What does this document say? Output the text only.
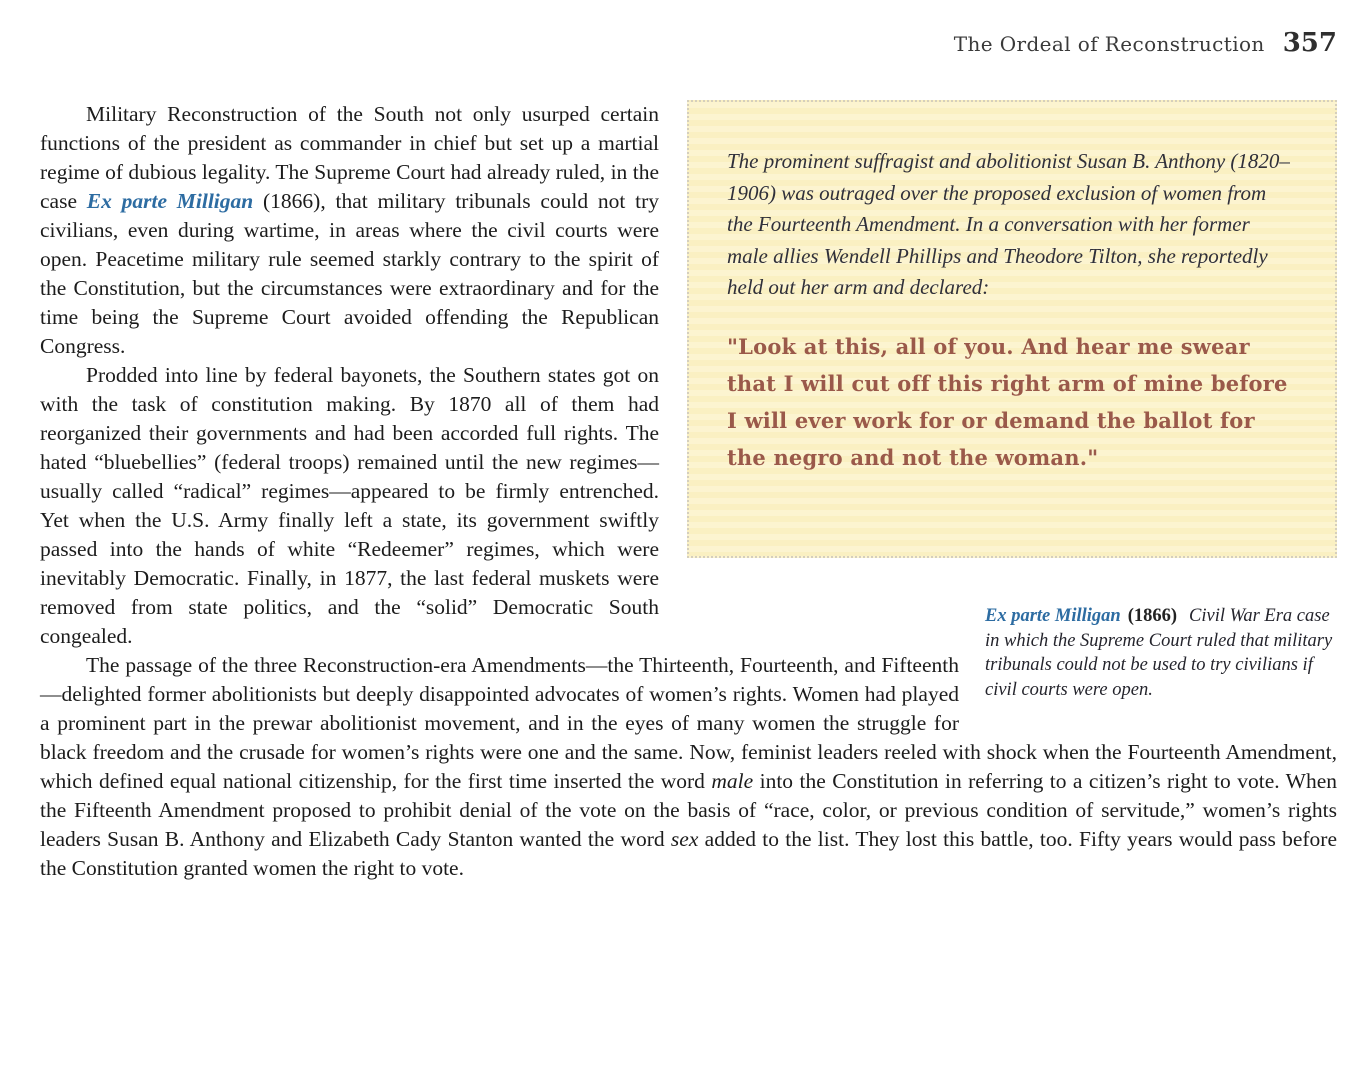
The Ordeal of Reconstruction 357

The prominent suffragist and abolitionist Susan B. Anthony (1820–1906) was outraged over the proposed exclusion of women from the Fourteenth Amendment. In a conversation with her former male allies Wendell Phillips and Theodore Tilton, she reportedly held out her arm and declared:

"Look at this, all of you. And hear me swear that I will cut off this right arm of mine before I will ever work for or demand the ballot for the negro and not the woman."

Ex parte Milligan (1866) Civil War Era case in which the Supreme Court ruled that military tribunals could not be used to try civilians if civil courts were open.

Military Reconstruction of the South not only usurped certain functions of the president as commander in chief but set up a martial regime of dubious legality. The Supreme Court had already ruled, in the case Ex parte Milligan (1866), that military tribunals could not try civilians, even during wartime, in areas where the civil courts were open. Peacetime military rule seemed starkly contrary to the spirit of the Constitution, but the circumstances were extraordinary and for the time being the Supreme Court avoided offending the Republican Congress.

Prodded into line by federal bayonets, the Southern states got on with the task of constitution making. By 1870 all of them had reorganized their governments and had been accorded full rights. The hated “bluebellies” (federal troops) remained until the new regimes—usually called “radical” regimes—appeared to be firmly entrenched. Yet when the U.S. Army finally left a state, its government swiftly passed into the hands of white “Redeemer” regimes, which were inevitably Democratic. Finally, in 1877, the last federal muskets were removed from state politics, and the “solid” Democratic South congealed.

The passage of the three Reconstruction-era Amendments—the Thirteenth, Fourteenth, and Fifteenth—delighted former abolitionists but deeply disappointed advocates of women’s rights. Women had played a prominent part in the prewar abolitionist movement, and in the eyes of many women the struggle for black freedom and the crusade for women’s rights were one and the same. Now, feminist leaders reeled with shock when the Fourteenth Amendment, which defined equal national citizenship, for the first time inserted the word male into the Constitution in referring to a citizen’s right to vote. When the Fifteenth Amendment proposed to prohibit denial of the vote on the basis of “race, color, or previous condition of servitude,” women’s rights leaders Susan B. Anthony and Elizabeth Cady Stanton wanted the word sex added to the list. They lost this battle, too. Fifty years would pass before the Constitution granted women the right to vote.
